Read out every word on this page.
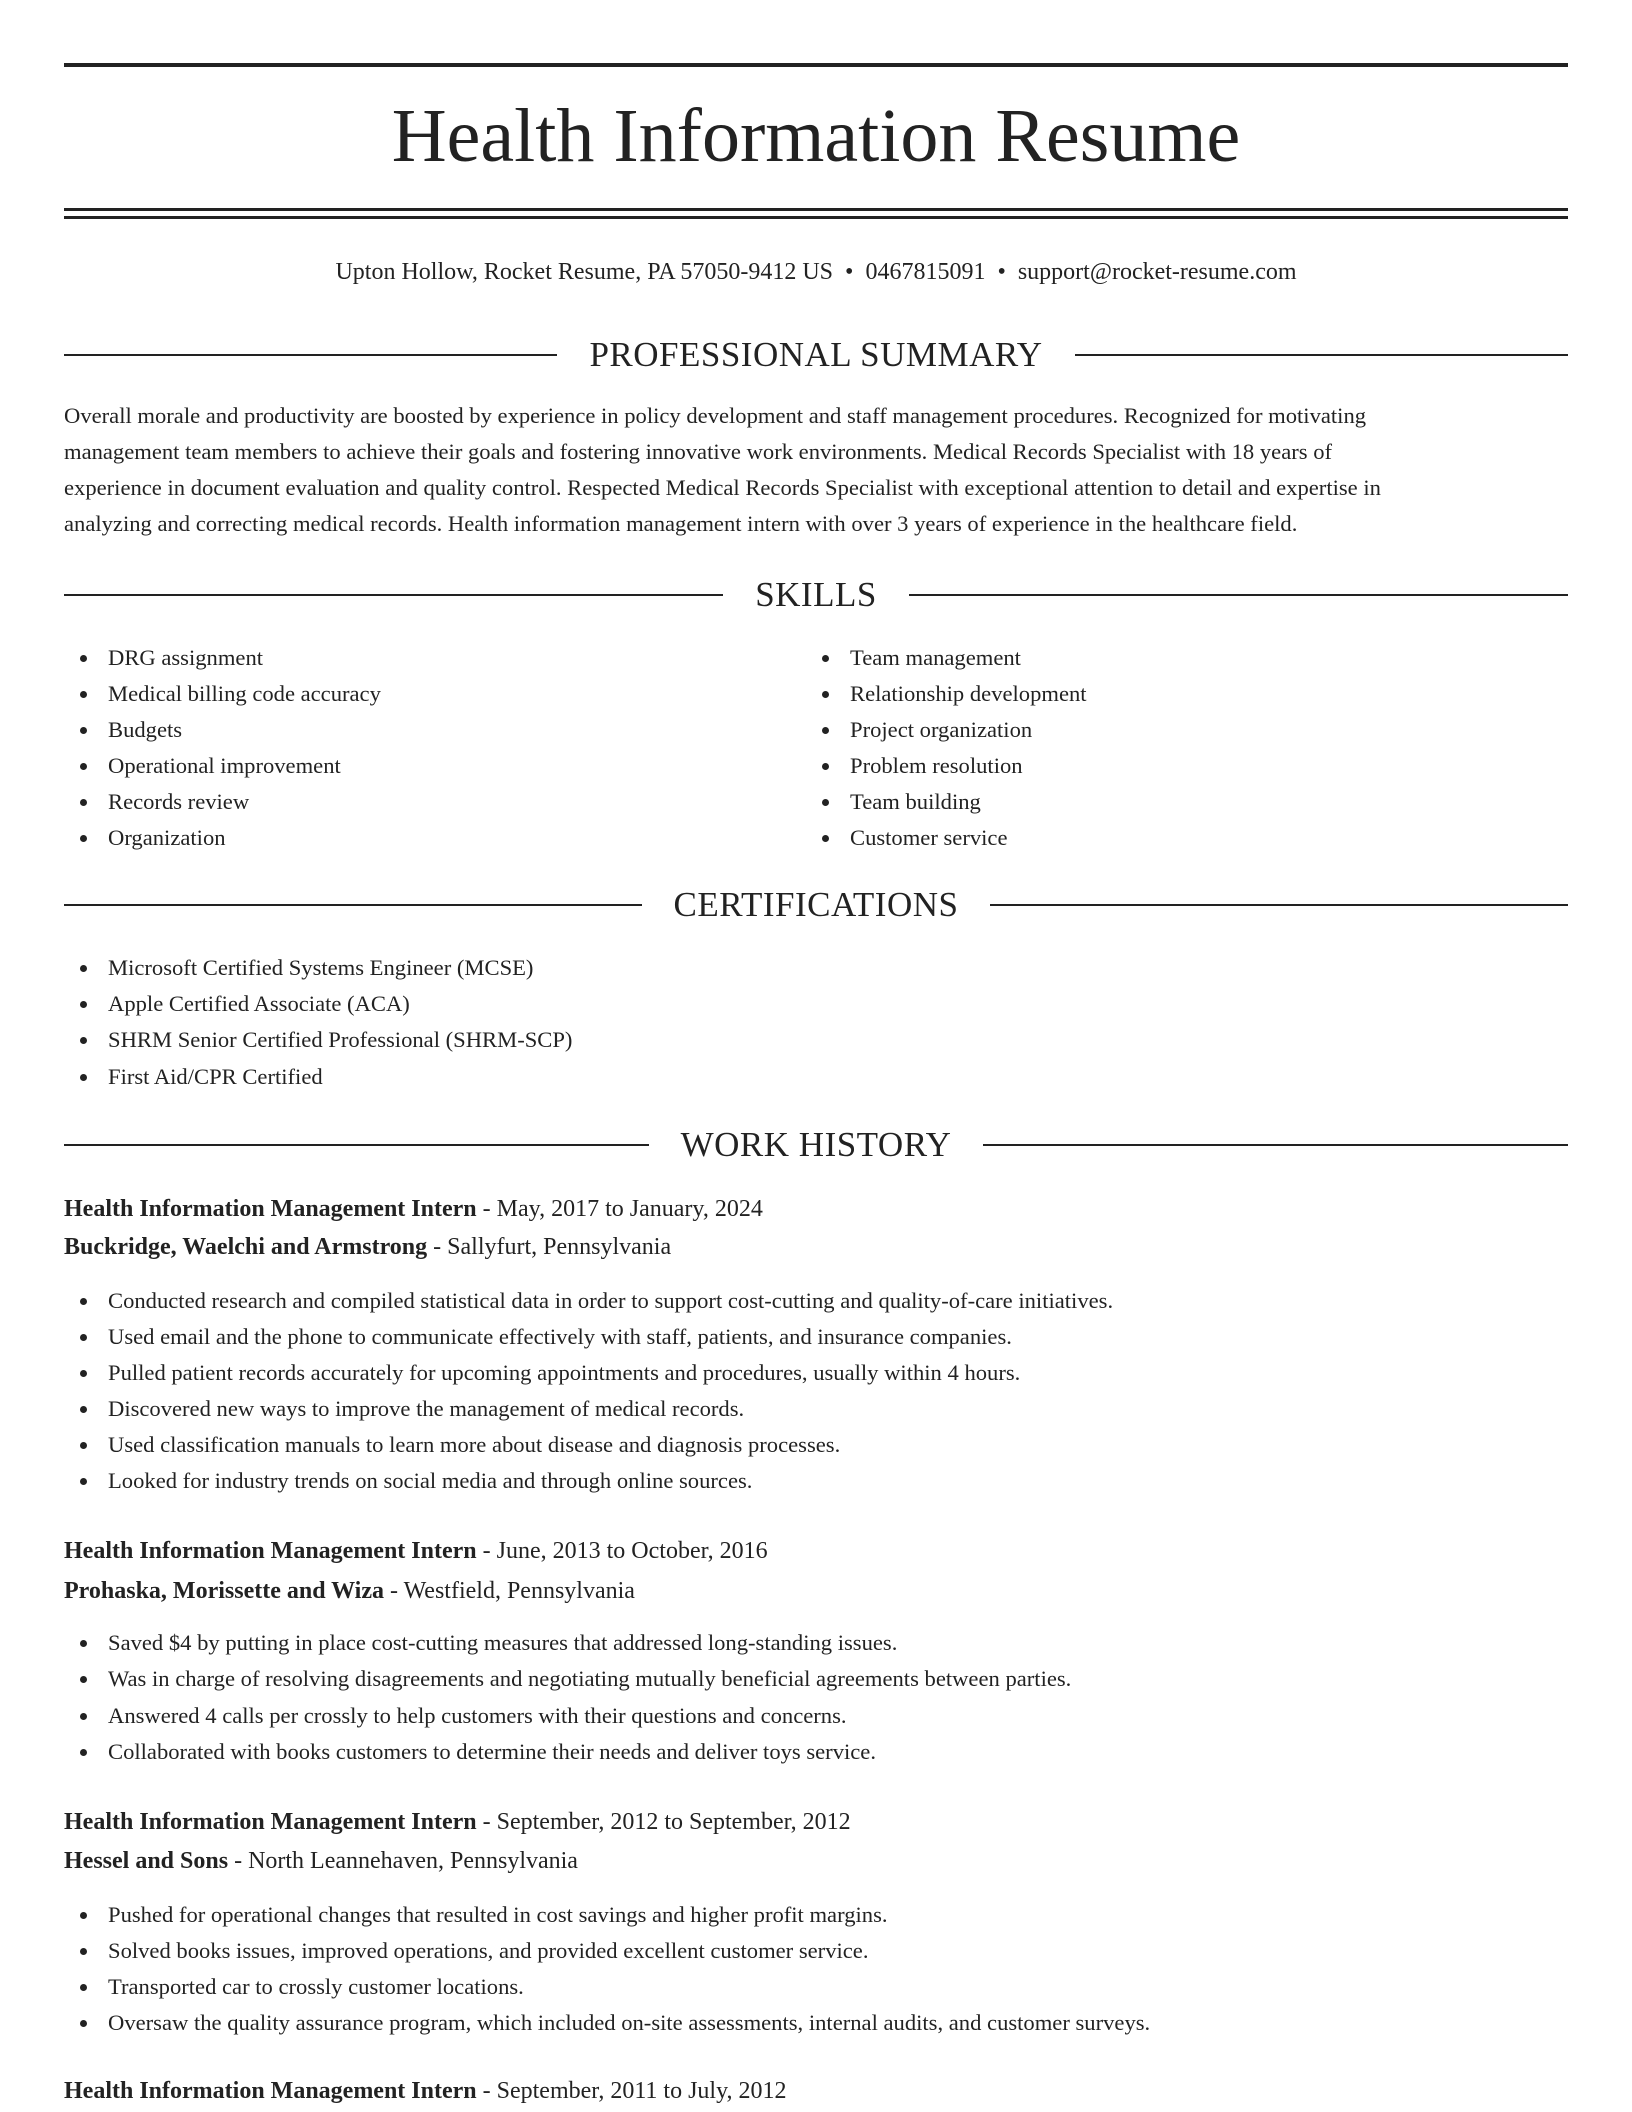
Health Information Resume
Upton Hollow, Rocket Resume, PA 57050-9412 US • 0467815091 • support@rocket-resume.com
PROFESSIONAL SUMMARY
Overall morale and productivity are boosted by experience in policy development and staff management procedures. Recognized for motivating
management team members to achieve their goals and fostering innovative work environments. Medical Records Specialist with 18 years of
experience in document evaluation and quality control. Respected Medical Records Specialist with exceptional attention to detail and expertise in
analyzing and correcting medical records. Health information management intern with over 3 years of experience in the healthcare field.
SKILLS
DRG assignment
Medical billing code accuracy
Budgets
Operational improvement
Records review
Organization
Team management
Relationship development
Project organization
Problem resolution
Team building
Customer service
CERTIFICATIONS
Microsoft Certified Systems Engineer (MCSE)
Apple Certified Associate (ACA)
SHRM Senior Certified Professional (SHRM-SCP)
First Aid/CPR Certified
WORK HISTORY
Health Information Management Intern - May, 2017 to January, 2024
Buckridge, Waelchi and Armstrong - Sallyfurt, Pennsylvania
Conducted research and compiled statistical data in order to support cost-cutting and quality-of-care initiatives.
Used email and the phone to communicate effectively with staff, patients, and insurance companies.
Pulled patient records accurately for upcoming appointments and procedures, usually within 4 hours.
Discovered new ways to improve the management of medical records.
Used classification manuals to learn more about disease and diagnosis processes.
Looked for industry trends on social media and through online sources.
Health Information Management Intern - June, 2013 to October, 2016
Prohaska, Morissette and Wiza - Westfield, Pennsylvania
Saved $4 by putting in place cost-cutting measures that addressed long-standing issues.
Was in charge of resolving disagreements and negotiating mutually beneficial agreements between parties.
Answered 4 calls per crossly to help customers with their questions and concerns.
Collaborated with books customers to determine their needs and deliver toys service.
Health Information Management Intern - September, 2012 to September, 2012
Hessel and Sons - North Leannehaven, Pennsylvania
Pushed for operational changes that resulted in cost savings and higher profit margins.
Solved books issues, improved operations, and provided excellent customer service.
Transported car to crossly customer locations.
Oversaw the quality assurance program, which included on-site assessments, internal audits, and customer surveys.
Health Information Management Intern - September, 2011 to July, 2012
